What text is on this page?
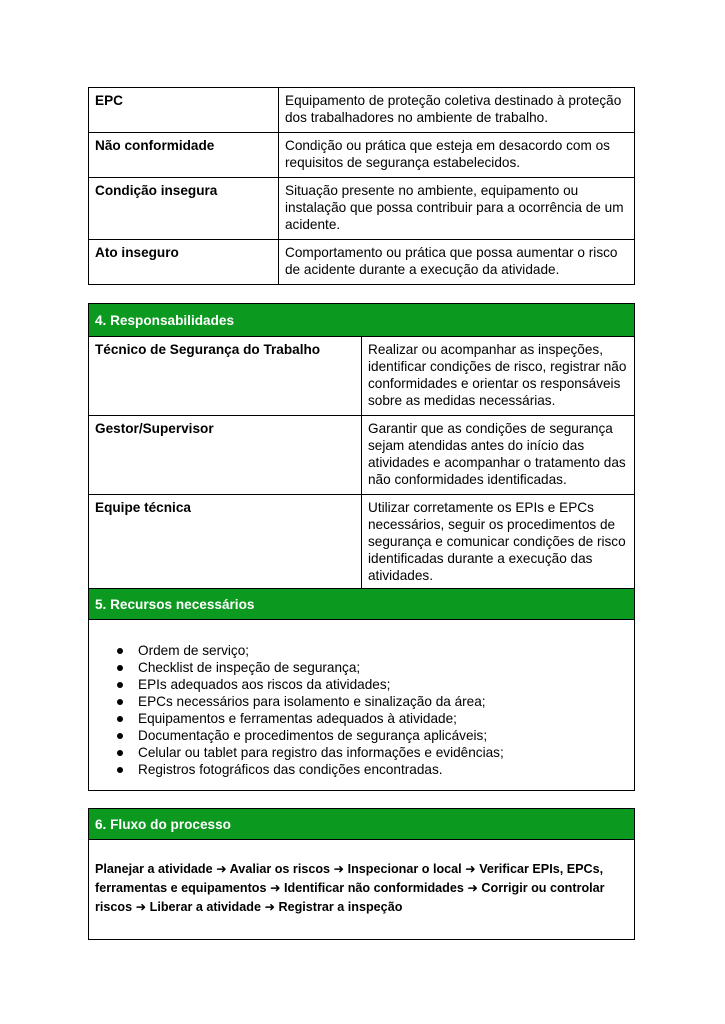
EPC	Equipamento de proteção coletiva destinado à proteção dos trabalhadores no ambiente de trabalho.
Não conformidade	Condição ou prática que esteja em desacordo com os requisitos de segurança estabelecidos.
Condição insegura	Situação presente no ambiente, equipamento ou instalação que possa contribuir para a ocorrência de um acidente.
Ato inseguro	Comportamento ou prática que possa aumentar o risco de acidente durante a execução da atividade.
4. Responsabilidades	
Técnico de Segurança do Trabalho	Realizar ou acompanhar as inspeções, identificar condições de risco, registrar não conformidades e orientar os responsáveis sobre as medidas necessárias.
Gestor/Supervisor	Garantir que as condições de segurança sejam atendidas antes do início das atividades e acompanhar o tratamento das não conformidades identificadas.
Equipe técnica	Utilizar corretamente os EPIs e EPCs necessários, seguir os procedimentos de segurança e comunicar condições de risco identificadas durante a execução das atividades.
5. Recursos necessários
Ordem de serviço;
Checklist de inspeção de segurança;
EPIs adequados aos riscos da atividades;
EPCs necessários para isolamento e sinalização da área;
Equipamentos e ferramentas adequados à atividade;
Documentação e procedimentos de segurança aplicáveis;
Celular ou tablet para registro das informações e evidências;
Registros fotográficos das condições encontradas.
6. Fluxo do processo
Planejar a atividade ➜ Avaliar os riscos ➜ Inspecionar o local ➜ Verificar EPIs, EPCs, ferramentas e equipamentos ➜ Identificar não conformidades ➜ Corrigir ou controlar riscos ➜ Liberar a atividade ➜ Registrar a inspeção
